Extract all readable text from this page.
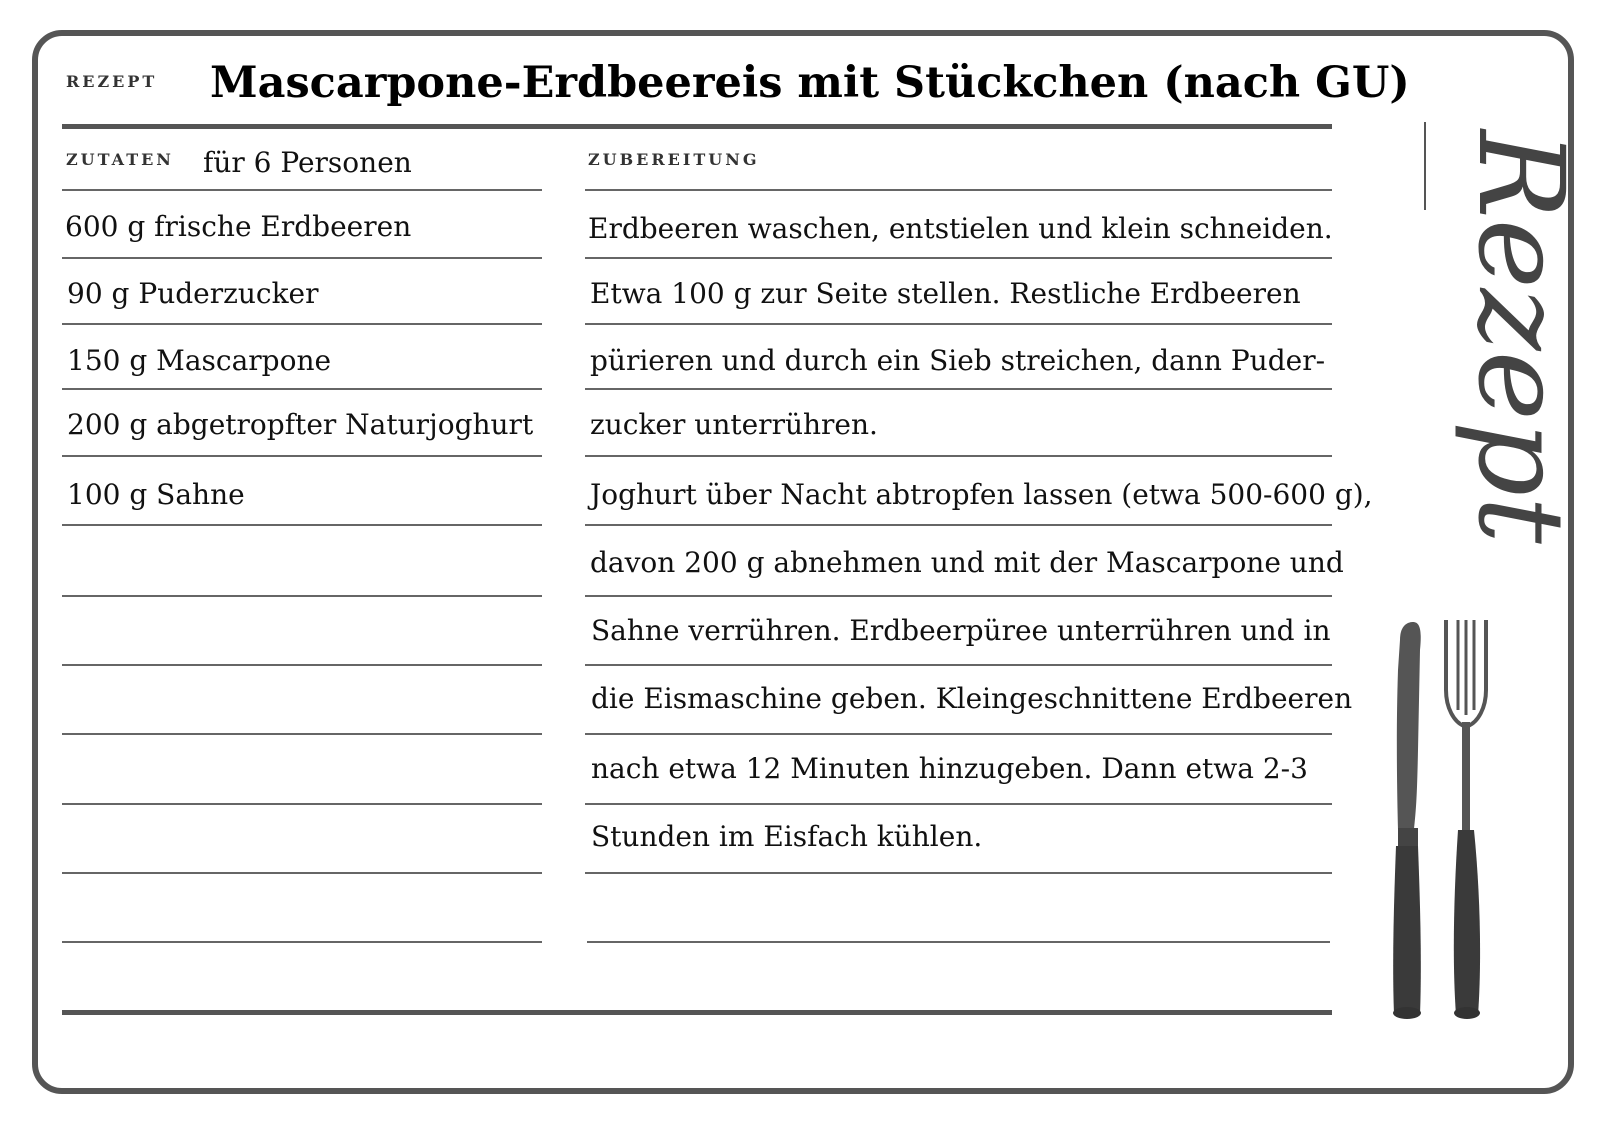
REZEPT Mascarpone-Erdbeereis mit Stückchen (nach GU)
ZUTATEN für 6 Personen	ZUBEREITUNG
600 g frische Erdbeeren
90 g Puderzucker
150 g Mascarpone
200 g abgetropfter Naturjoghurt
100 g Sahne
Erdbeeren waschen, entstielen und klein schneiden.
Etwa 100 g zur Seite stellen. Restliche Erdbeeren
pürieren und durch ein Sieb streichen, dann Puder-
zucker unterrühren.
Joghurt über Nacht abtropfen lassen (etwa 500-600 g),
davon 200 g abnehmen und mit der Mascarpone und
Sahne verrühren. Erdbeerpüree unterrühren und in
die Eismaschine geben. Kleingeschnittene Erdbeeren
nach etwa 12 Minuten hinzugeben. Dann etwa 2-3
Stunden im Eisfach kühlen.
Rezept
